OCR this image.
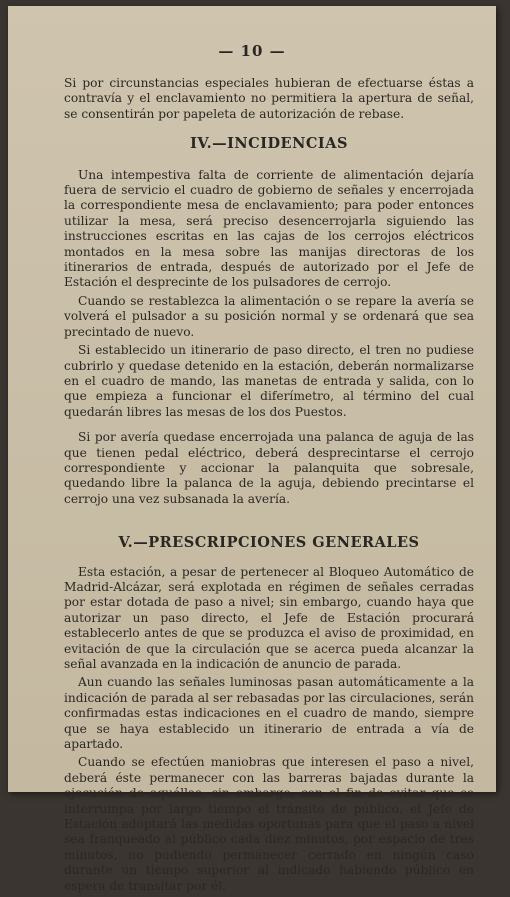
— 10 —

Si por circunstancias especiales hubieran de efectuarse éstas a contravía y el enclavamiento no permitiera la apertura de señal, se consentirán por papeleta de autorización de rebase.

IV.—INCIDENCIAS

Una intempestiva falta de corriente de alimentación dejaría fuera de servicio el cuadro de gobierno de señales y encerrojada la correspondiente mesa de enclavamiento; para poder entonces utilizar la mesa, será preciso desencerrojarla siguiendo las instrucciones escritas en las cajas de los cerrojos eléctricos montados en la mesa sobre las manijas directoras de los itinerarios de entrada, después de autorizado por el Jefe de Estación el desprecinte de los pulsadores de cerrojo.

Cuando se restablezca la alimentación o se repare la avería se volverá el pulsador a su posición normal y se ordenará que sea precintado de nuevo.

Si establecido un itinerario de paso directo, el tren no pudiese cubrirlo y quedase detenido en la estación, deberán normalizarse en el cuadro de mando, las manetas de entrada y salida, con lo que empieza a funcionar el diferímetro, al término del cual quedarán libres las mesas de los dos Puestos.

Si por avería quedase encerrojada una palanca de aguja de las que tienen pedal eléctrico, deberá desprecintarse el cerrojo correspondiente y accionar la palanquita que sobresale, quedando libre la palanca de la aguja, debiendo precintarse el cerrojo una vez subsanada la avería.

V.—PRESCRIPCIONES GENERALES

Esta estación, a pesar de pertenecer al Bloqueo Automático de Madrid-Alcázar, será explotada en régimen de señales cerradas por estar dotada de paso a nivel; sin embargo, cuando haya que autorizar un paso directo, el Jefe de Estación procurará establecerlo antes de que se produzca el aviso de proximidad, en evitación de que la circulación que se acerca pueda alcanzar la señal avanzada en la indicación de anuncio de parada.

Aun cuando las señales luminosas pasan automáticamente a la indicación de parada al ser rebasadas por las circulaciones, serán confirmadas estas indicaciones en el cuadro de mando, siempre que se haya establecido un itinerario de entrada a vía de apartado.

Cuando se efectúen maniobras que interesen el paso a nivel, deberá éste permanecer con las barreras bajadas durante la ejecución de aquéllas; sin embargo, con el fin de evitar que se interrumpa por largo tiempo el tránsito de público, el Jefe de Estación adoptará las medidas oportunas para que el paso a nivel sea franqueado al público cada diez minutos, por espacio de tres minutos, no pudiendo permanecer cerrado en ningún caso durante un tiempo superior al indicado habiendo público en espera de transitar por él.
